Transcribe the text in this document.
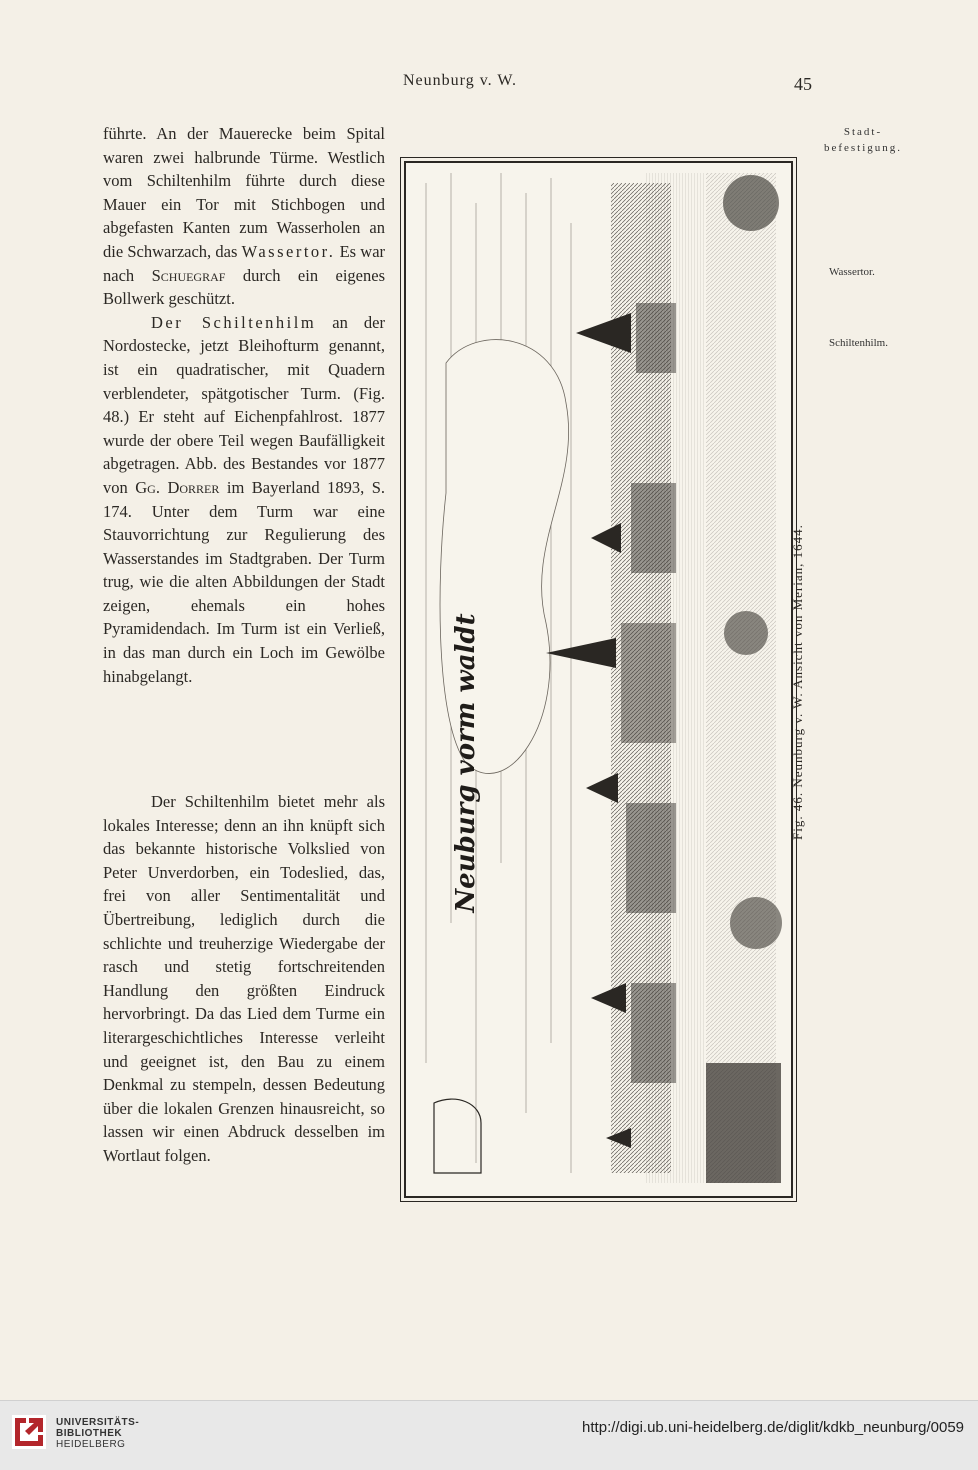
Neunburg v. W.	45

führte. An der Mauerecke beim Spital waren zwei halbrunde Türme. Westlich vom Schiltenhilm führte durch diese Mauer ein Tor mit Stichbogen und abgefasten Kanten zum Wasserholen an die Schwarzach, das Wassertor. Es war nach Schuegraf durch ein eigenes Bollwerk geschützt.

Der Schiltenhilm an der Nordostecke, jetzt Bleihofturm genannt, ist ein quadratischer, mit Quadern verblendeter, spätgotischer Turm. (Fig. 48.) Er steht auf Eichenpfahlrost. 1877 wurde der obere Teil wegen Baufälligkeit abgetragen. Abb. des Bestandes vor 1877 von Gg. Dorrer im Bayerland 1893, S. 174. Unter dem Turm war eine Stauvorrichtung zur Regulierung des Wasserstandes im Stadtgraben. Der Turm trug, wie die alten Abbildungen der Stadt zeigen, ehemals ein hohes Pyramidendach. Im Turm ist ein Verließ, in das man durch ein Loch im Gewölbe hinabgelangt.

Der Schiltenhilm bietet mehr als lokales Interesse; denn an ihn knüpft sich das bekannte historische Volkslied von Peter Unverdorben, ein Todeslied, das, frei von aller Sentimentalität und Übertreibung, lediglich durch die schlichte und treuherzige Wiedergabe der rasch und stetig fortschreitenden Handlung den größten Eindruck hervorbringt. Da das Lied dem Turme ein literargeschichtliches Interesse verleiht und geeignet ist, den Bau zu einem Denkmal zu stempeln, dessen Bedeutung über die lokalen Grenzen hinausreicht, so lassen wir einen Abdruck desselben im Wortlaut folgen.

Stadt-
befestigung.
Wassertor.
Schiltenhilm.
Neuburg vorm waldt	Fig. 46. Neunburg v. W. Ansicht von Merian, 1644.
UNIVERSITÄTS-
BIBLIOTHEK
HEIDELBERG
http://digi.ub.uni-heidelberg.de/diglit/kdkb_neunburg/0059
